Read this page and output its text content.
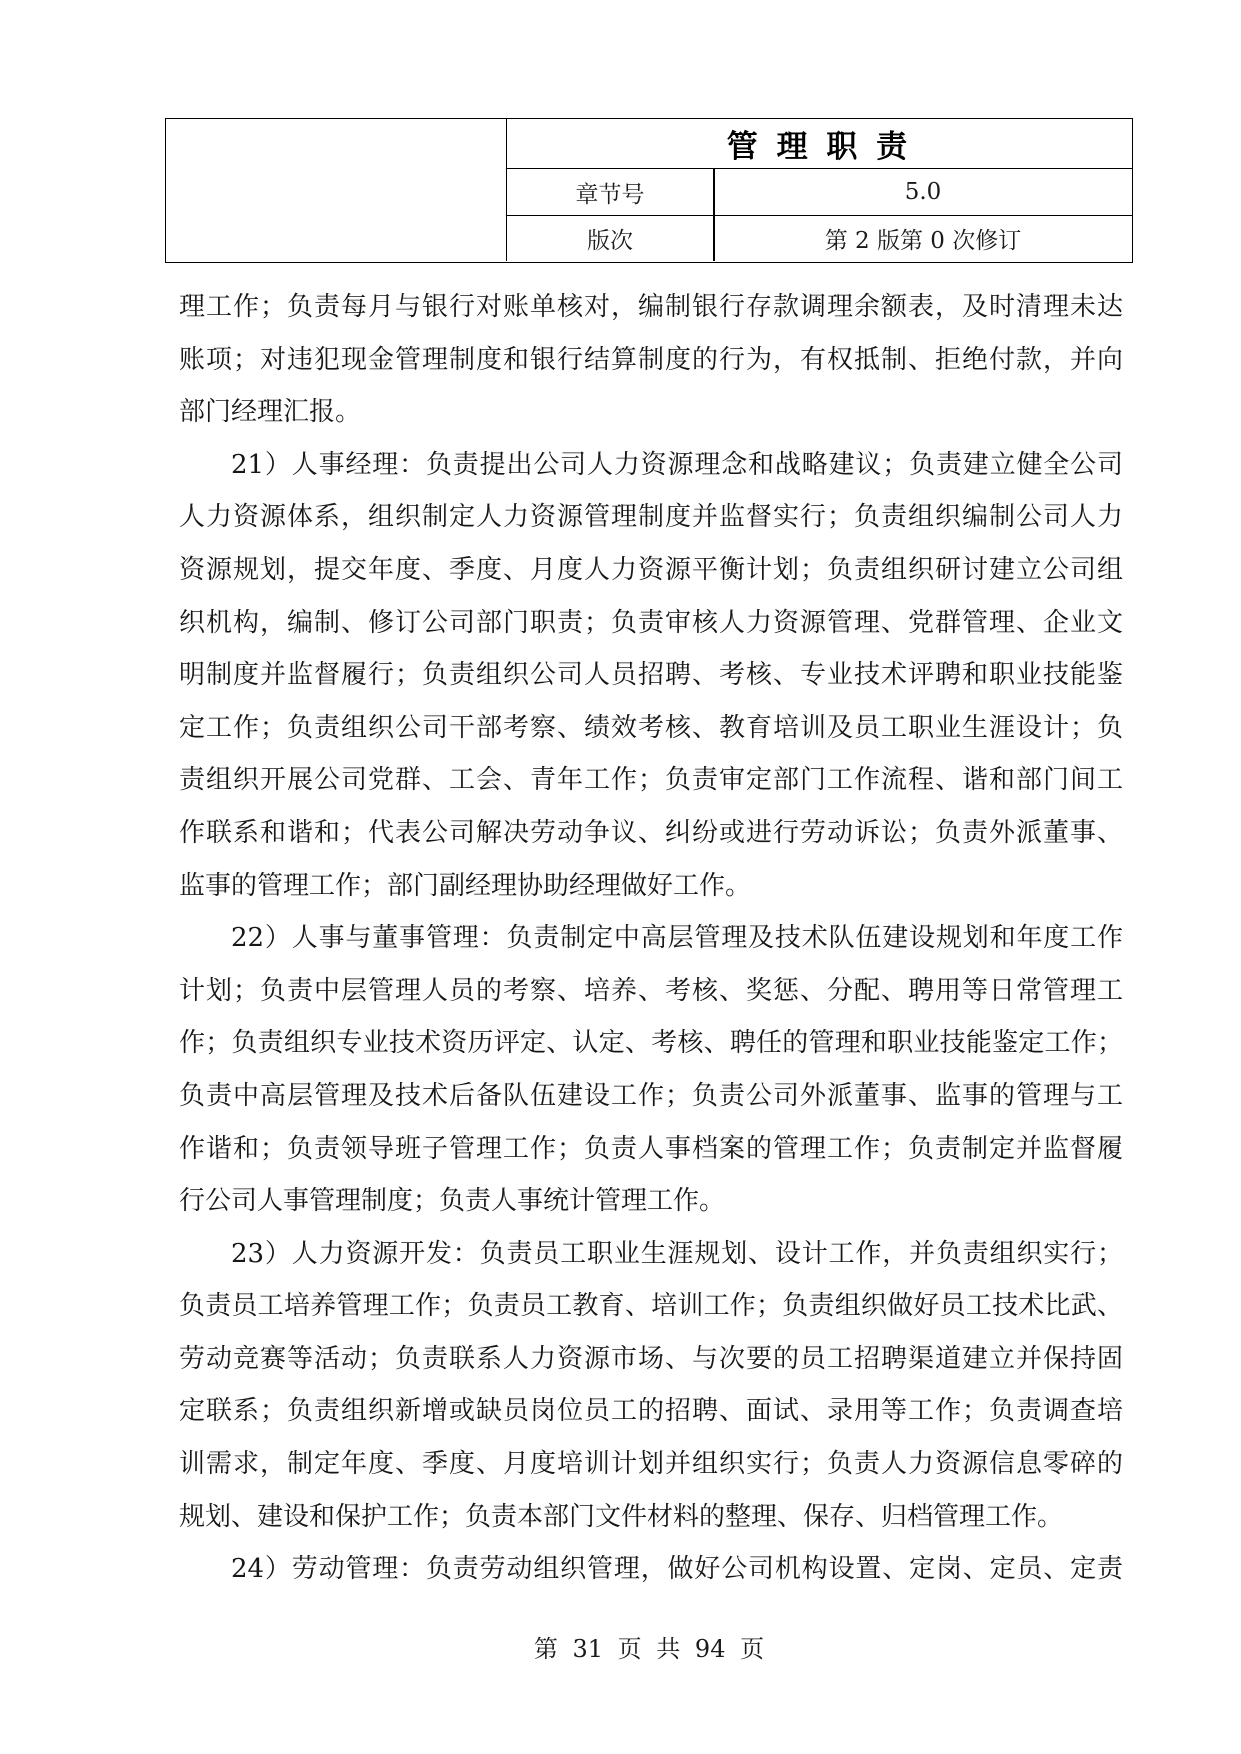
管 理 职 责
章节号	5.0
版次	第 2 版第 0 次修订
理工作；负责每月与银行对账单核对，编制银行存款调理余额表，及时清理未达
账项；对违犯现金管理制度和银行结算制度的行为，有权抵制、拒绝付款，并向
部门经理汇报。
21）人事经理：负责提出公司人力资源理念和战略建议；负责建立健全公司
人力资源体系，组织制定人力资源管理制度并监督实行；负责组织编制公司人力
资源规划，提交年度、季度、月度人力资源平衡计划；负责组织研讨建立公司组
织机构，编制、修订公司部门职责；负责审核人力资源管理、党群管理、企业文
明制度并监督履行；负责组织公司人员招聘、考核、专业技术评聘和职业技能鉴
定工作；负责组织公司干部考察、绩效考核、教育培训及员工职业生涯设计；负
责组织开展公司党群、工会、青年工作；负责审定部门工作流程、谐和部门间工
作联系和谐和；代表公司解决劳动争议、纠纷或进行劳动诉讼；负责外派董事、
监事的管理工作；部门副经理协助经理做好工作。
22）人事与董事管理：负责制定中高层管理及技术队伍建设规划和年度工作
计划；负责中层管理人员的考察、培养、考核、奖惩、分配、聘用等日常管理工
作；负责组织专业技术资历评定、认定、考核、聘任的管理和职业技能鉴定工作；
负责中高层管理及技术后备队伍建设工作；负责公司外派董事、监事的管理与工
作谐和；负责领导班子管理工作；负责人事档案的管理工作；负责制定并监督履
行公司人事管理制度；负责人事统计管理工作。
23）人力资源开发：负责员工职业生涯规划、设计工作，并负责组织实行；
负责员工培养管理工作；负责员工教育、培训工作；负责组织做好员工技术比武、
劳动竞赛等活动；负责联系人力资源市场、与次要的员工招聘渠道建立并保持固
定联系；负责组织新增或缺员岗位员工的招聘、面试、录用等工作；负责调查培
训需求，制定年度、季度、月度培训计划并组织实行；负责人力资源信息零碎的
规划、建设和保护工作；负责本部门文件材料的整理、保存、归档管理工作。
24）劳动管理：负责劳动组织管理，做好公司机构设置、定岗、定员、定责
第 31 页 共 94 页
